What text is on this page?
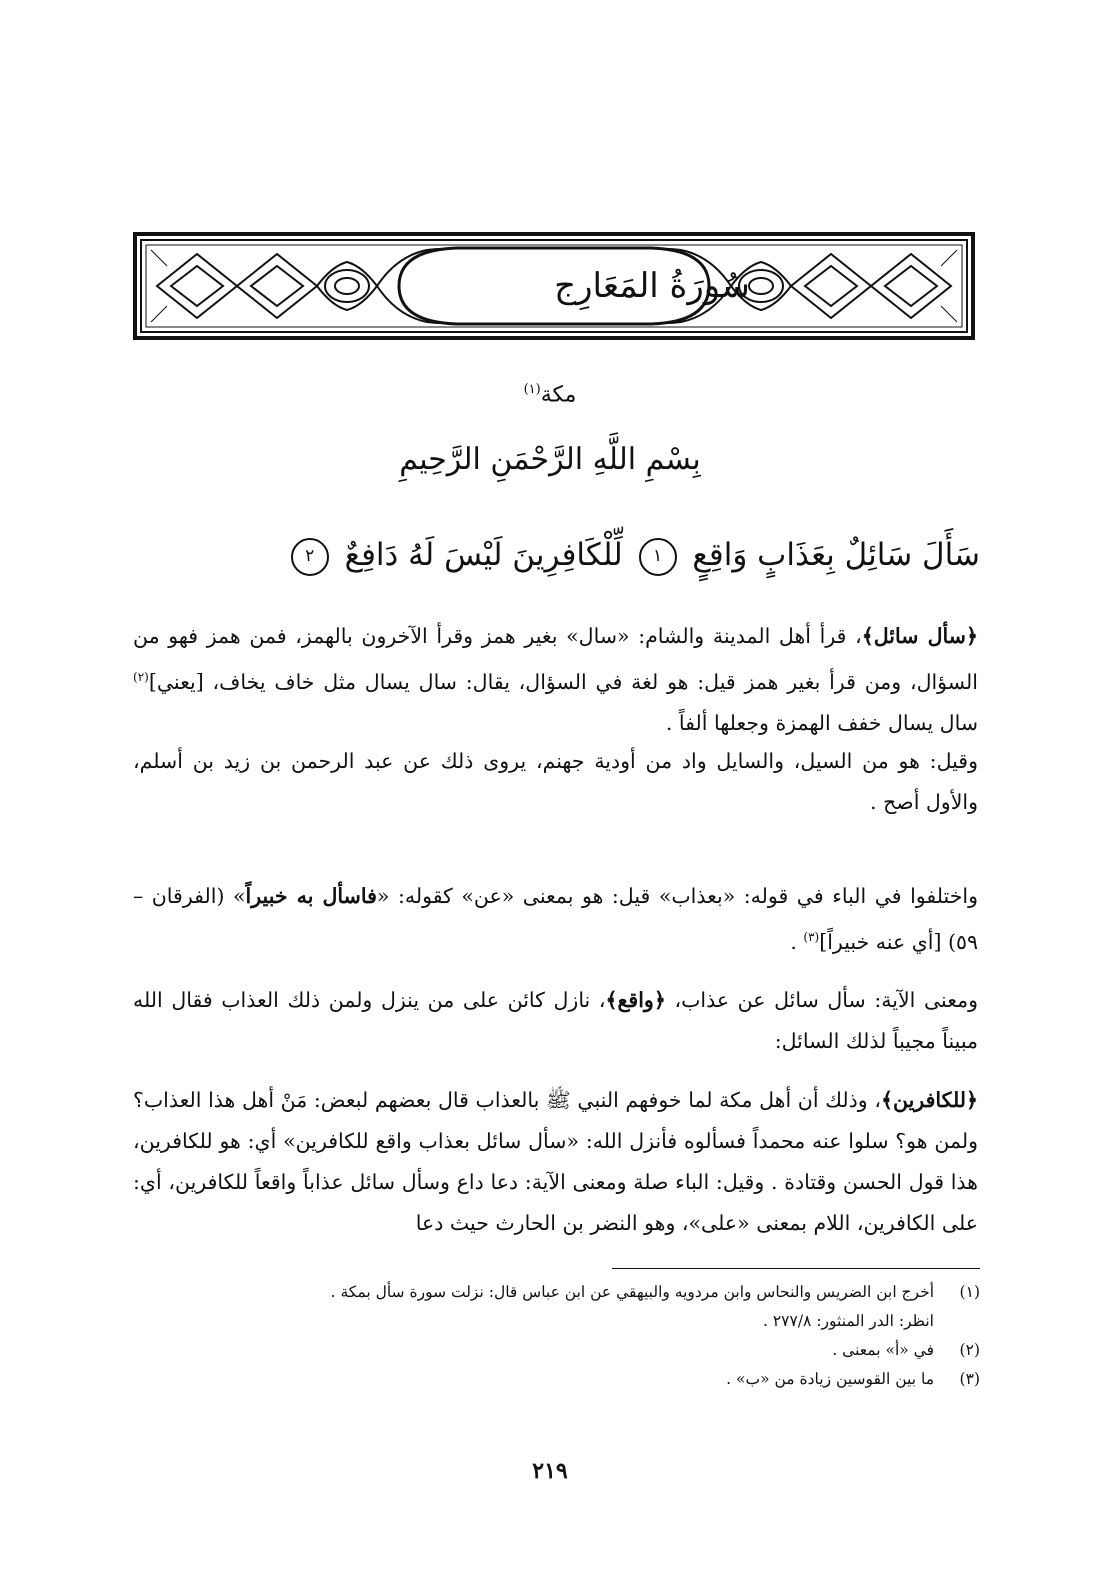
سُورَةُ المَعَارِج
مكة$^{(١)}$
بِسْمِ اللَّهِ الرَّحْمَنِ الرَّحِيمِ
سَأَلَ سَائِلٌ بِعَذَابٍ وَاقِعٍ ١ لِّلْكَافِرِينَ لَيْسَ لَهُ دَافِعٌ ٢
﴿سأل سائل﴾، قرأ أهل المدينة والشام: «سال» بغير همز وقرأ الآخرون بالهمز، فمن همز فهو من السؤال، ومن قرأ بغير همز قيل: هو لغة في السؤال، يقال: سال يسال مثل خاف يخاف، [يعني]$^{(٢)}$ سال يسال خفف الهمزة وجعلها ألفاً .
وقيل: هو من السيل، والسايل واد من أودية جهنم، يروى ذلك عن عبد الرحمن بن زيد بن أسلم، والأول أصح .
واختلفوا في الباء في قوله: «بعذاب» قيل: هو بمعنى «عن» كقوله: «فاسأل به خبيراً» (الفرقان – ٥٩) [أي عنه خبيراً]$^{(٣)}$ .
ومعنى الآية: سأل سائل عن عذاب، ﴿واقع﴾، نازل كائن على من ينزل ولمن ذلك العذاب فقال الله مبيناً مجيباً لذلك السائل:
﴿للكافرين﴾، وذلك أن أهل مكة لما خوفهم النبي ﷺ بالعذاب قال بعضهم لبعض: مَنْ أهل هذا العذاب؟ ولمن هو؟ سلوا عنه محمداً فسألوه فأنزل الله: «سأل سائل بعذاب واقع للكافرين» أي: هو للكافرين، هذا قول الحسن وقتادة . وقيل: الباء صلة ومعنى الآية: دعا داع وسأل سائل عذاباً واقعاً للكافرين، أي: على الكافرين، اللام بمعنى «على»، وهو النضر بن الحارث حيث دعا
(١)
أخرج ابن الضريس والنحاس وابن مردويه والبيهقي عن ابن عباس قال: نزلت سورة سأل بمكة .
انظر: الدر المنثور: ٢٧٧/٨ .
(٢)
في «أ» بمعنى .
(٣)
ما بين القوسين زيادة من «ب» .
٢١٩
